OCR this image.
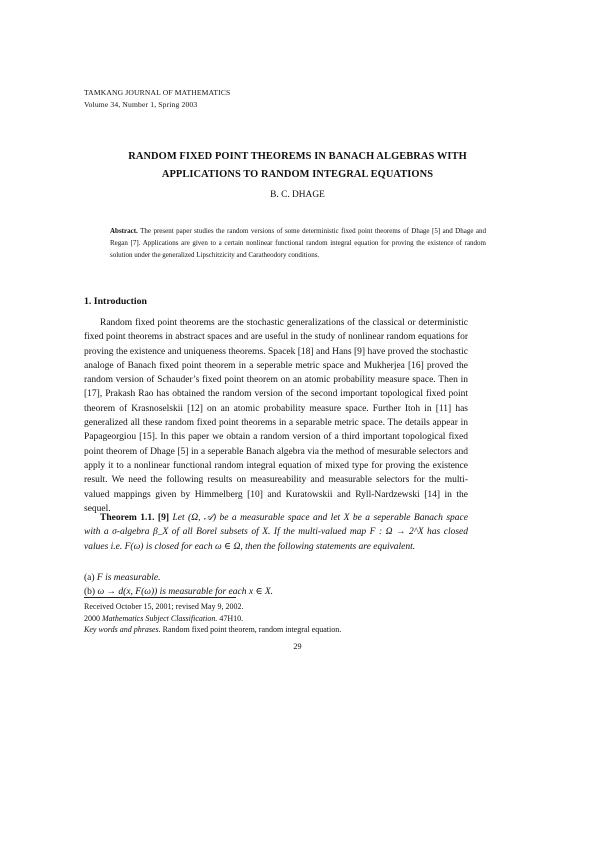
TAMKANG JOURNAL OF MATHEMATICS
Volume 34, Number 1, Spring 2003
RANDOM FIXED POINT THEOREMS IN BANACH ALGEBRAS WITH
APPLICATIONS TO RANDOM INTEGRAL EQUATIONS
B. C. DHAGE
Abstract. The present paper studies the random versions of some deterministic fixed point theorems of Dhage [5] and Dhage and Regan [7]. Applications are given to a certain nonlinear functional random integral equation for proving the existence of random solution under the generalized Lipschitzicity and Caratheodory conditions.
1. Introduction

Random fixed point theorems are the stochastic generalizations of the classical or deterministic fixed point theorems in abstract spaces and are useful in the study of nonlinear random equations for proving the existence and uniqueness theorems. Spacek [18] and Hans [9] have proved the stochastic analoge of Banach fixed point theorem in a seperable metric space and Mukherjea [16] proved the random version of Schauder’s fixed point theorem on an atomic probability measure space. Then in [17], Prakash Rao has obtained the random version of the second important topological fixed point theorem of Krasnoselskii [12] on an atomic probability measure space. Further Itoh in [11] has generalized all these random fixed point theorems in a separable metric space. The details appear in Papageorgiou [15]. In this paper we obtain a random version of a third important topological fixed point theorem of Dhage [5] in a seperable Banach algebra via the method of mesurable selectors and apply it to a nonlinear functional random integral equation of mixed type for proving the existence result. We need the following results on measureability and measurable selectors for the multi-valued mappings given by Himmelberg [10] and Kuratowskii and Ryll-Nardzewski [14] in the sequel.

Theorem 1.1. [9] Let (Ω, 𝒜) be a measurable space and let X be a seperable Banach space with a σ-algebra β_X of all Borel subsets of X. If the multi-valued map F : Ω → 2^X has closed values i.e. F(ω) is closed for each ω ∈ Ω, then the following statements are equivalent.

(a) F is measurable.
(b) ω → d(x, F(ω)) is measurable for each x ∈ X.
Received October 15, 2001; revised May 9, 2002.
2000 Mathematics Subject Classification. 47H10.
Key words and phrases. Random fixed point theorem, random integral equation.
29
